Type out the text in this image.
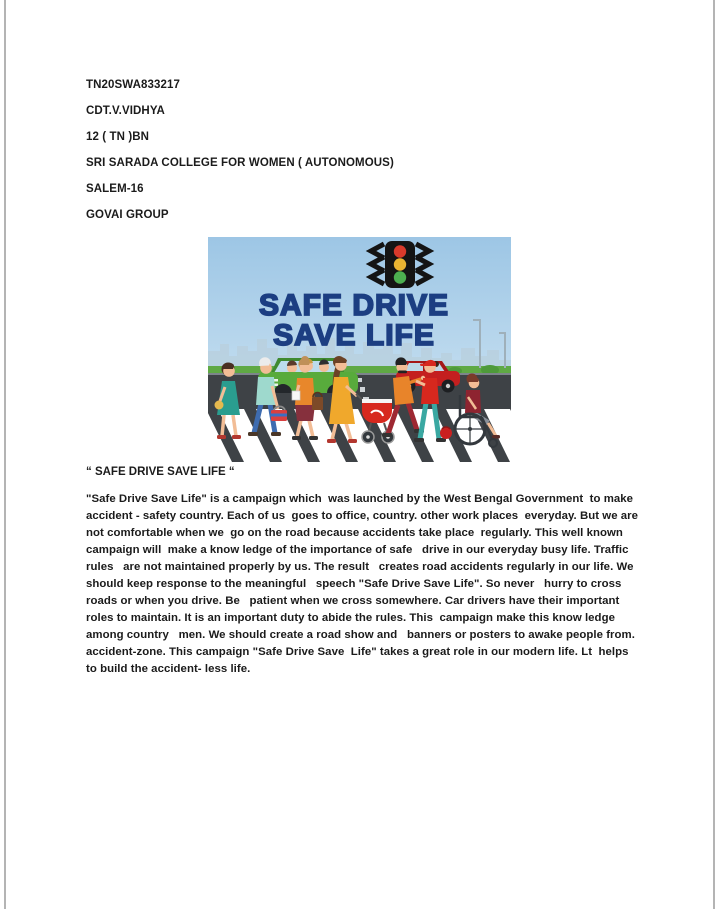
TN20SWA833217

CDT.V.VIDHYA

12 ( TN )BN

SRI SARADA COLLEGE FOR WOMEN ( AUTONOMOUS)

SALEM-16

GOVAI GROUP

SAFE DRIVE
SAVE LIFE
“ SAFE DRIVE SAVE LIFE “
"Safe Drive Save Life" is a campaign which  was launched by the West Bengal Government  to make accident - safety country. Each of us  goes to office, country. other work places  everyday. But we are not comfortable when we  go on the road because accidents take place  regularly. This well known campaign will  make a know ledge of the importance of safe   drive in our everyday busy life. Traffic rules   are not maintained properly by us. The result   creates road accidents regularly in our life. We should keep response to the meaningful   speech "Safe Drive Save Life". So never   hurry to cross roads or when you drive. Be   patient when we cross somewhere. Car drivers have their important roles to maintain. It is an important duty to abide the rules. This  campaign make this know ledge among country   men. We should create a road show and   banners or posters to awake people from. accident-zone. This campaign "Safe Drive Save  Life" takes a great role in our modern life. Lt  helps to build the accident- less life.
